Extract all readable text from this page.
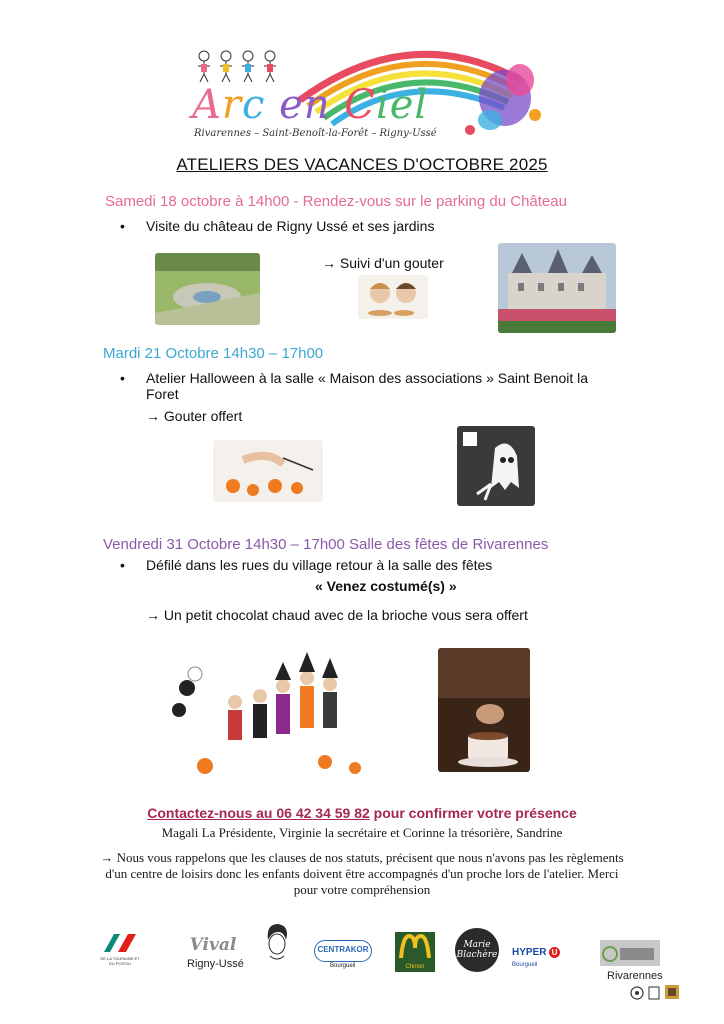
Arc en Ciel
Rivarennes – Saint-Benoît-la-Forêt – Rigny-Ussé
ATELIERS DES VACANCES D'OCTOBRE 2025
Samedi 18 octobre à 14h00 - Rendez-vous sur le parking du Château
• Visite du château de Rigny Ussé et ses jardins
→ Suivi d'un gouter
Mardi 21 Octobre 14h30 – 17h00
• Atelier Halloween à la salle « Maison des associations » Saint Benoit la
Foret
→ Gouter offert
Vendredi 31 Octobre 14h30 – 17h00 Salle des fêtes de Rivarennes
• Défilé dans les rues du village retour à la salle des fêtes
« Venez costumé(s) »
→ Un petit chocolat chaud avec de la brioche vous sera offert
Contactez-nous au 06 42 34 59 82 pour confirmer votre présence
Magali La Présidente, Virginie la secrétaire et Corinne la trésorière, Sandrine
→ Nous vous rappelons que les clauses de nos statuts, précisent que nous n'avons pas les règlements d'un centre de loisirs donc les enfants doivent être accompagnés d'un proche lors de l'atelier. Merci pour votre compréhension
DE LA TOURAINE ET DU POITOU
Vival
Rigny-Ussé
CENTRAKOR
Bourgueil	Chinon
Marie Blachère HYPER U Bourgueil
Rivarennes
